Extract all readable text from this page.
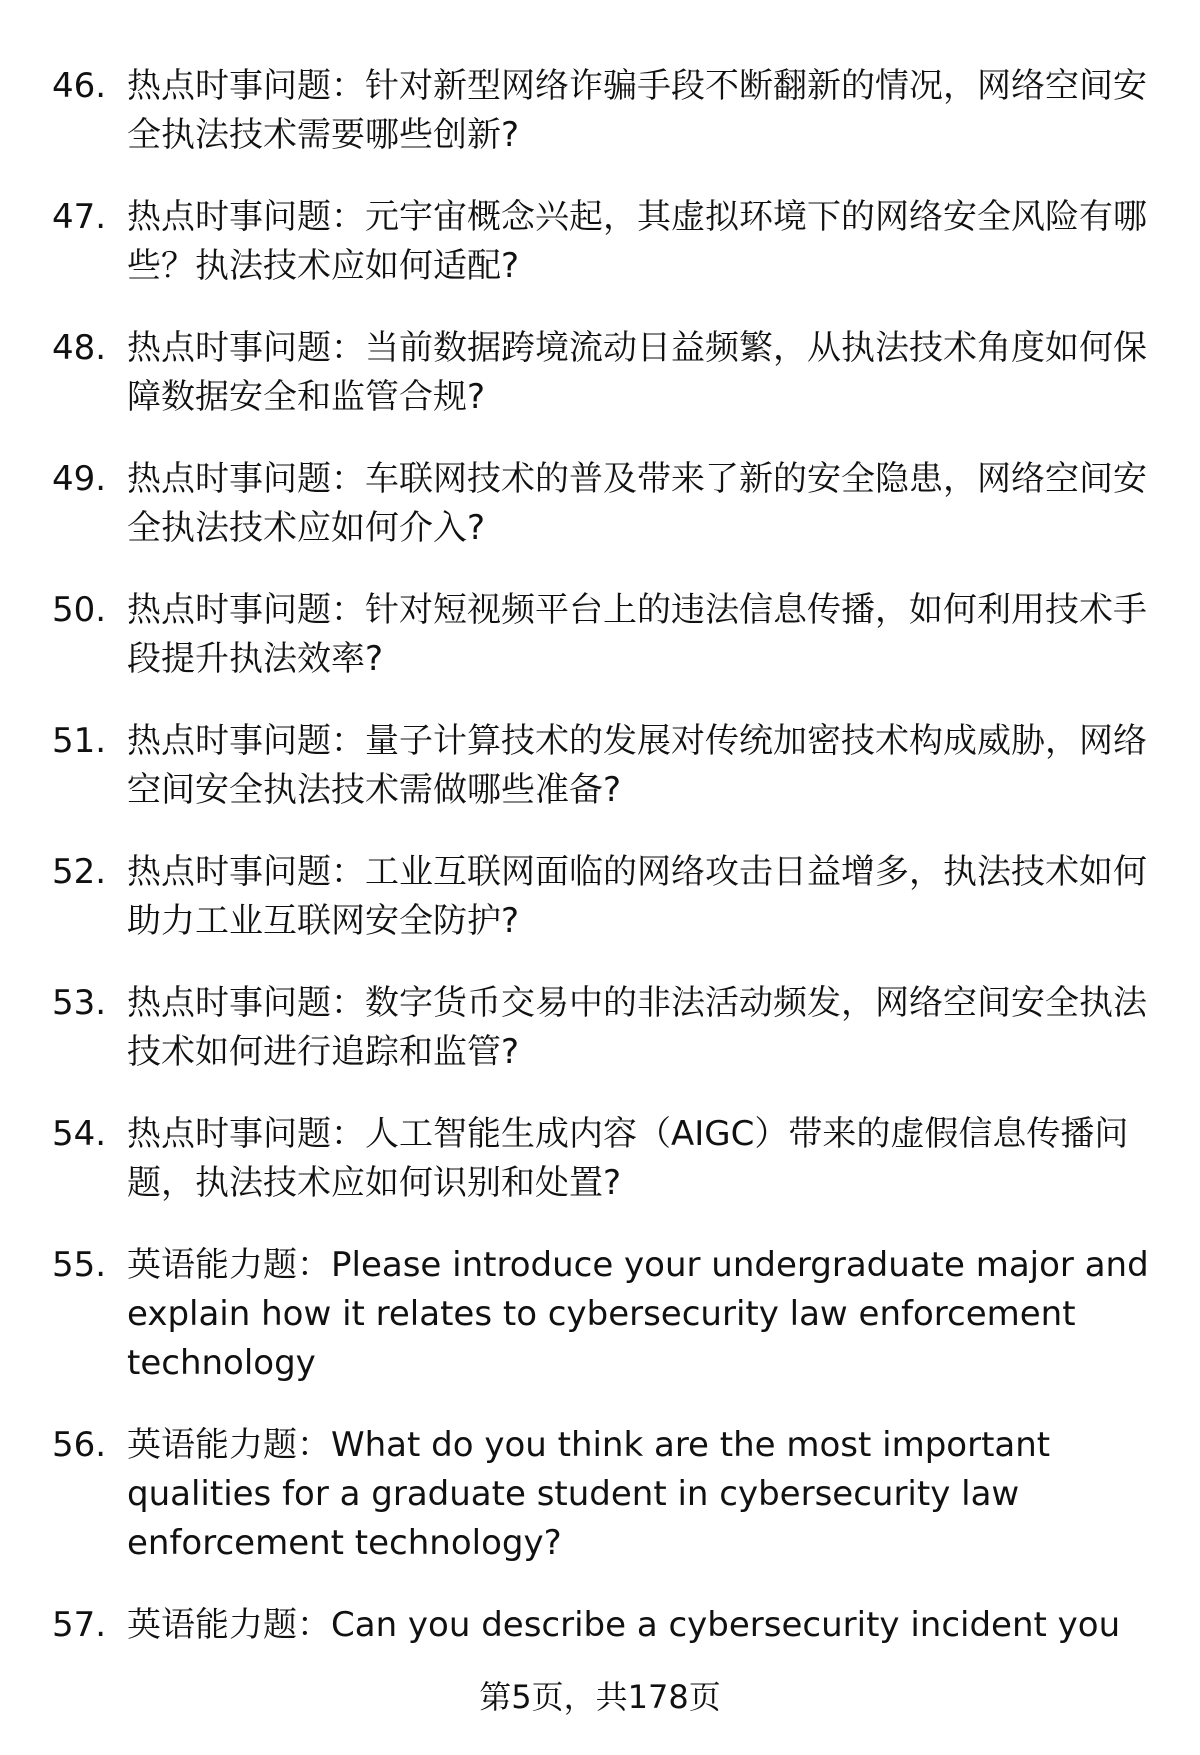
46. 热点时事问题：针对新型网络诈骗手段不断翻新的情况，网络空间安全执法技术需要哪些创新?
47. 热点时事问题：元宇宙概念兴起，其虚拟环境下的网络安全风险有哪些？执法技术应如何适配?
48. 热点时事问题：当前数据跨境流动日益频繁，从执法技术角度如何保障数据安全和监管合规?
49. 热点时事问题：车联网技术的普及带来了新的安全隐患，网络空间安全执法技术应如何介入?
50. 热点时事问题：针对短视频平台上的违法信息传播，如何利用技术手段提升执法效率?
51. 热点时事问题：量子计算技术的发展对传统加密技术构成威胁，网络空间安全执法技术需做哪些准备?
52. 热点时事问题：工业互联网面临的网络攻击日益增多，执法技术如何助力工业互联网安全防护?
53. 热点时事问题：数字货币交易中的非法活动频发，网络空间安全执法技术如何进行追踪和监管?
54. 热点时事问题：人工智能生成内容（AIGC）带来的虚假信息传播问题，执法技术应如何识别和处置?
55. 英语能力题：Please introduce your undergraduate major and explain how it relates to cybersecurity law enforcement technology
56. 英语能力题：What do you think are the most important qualities for a graduate student in cybersecurity law enforcement technology?
57. 英语能力题：Can you describe a cybersecurity incident you
第5页，共178页
